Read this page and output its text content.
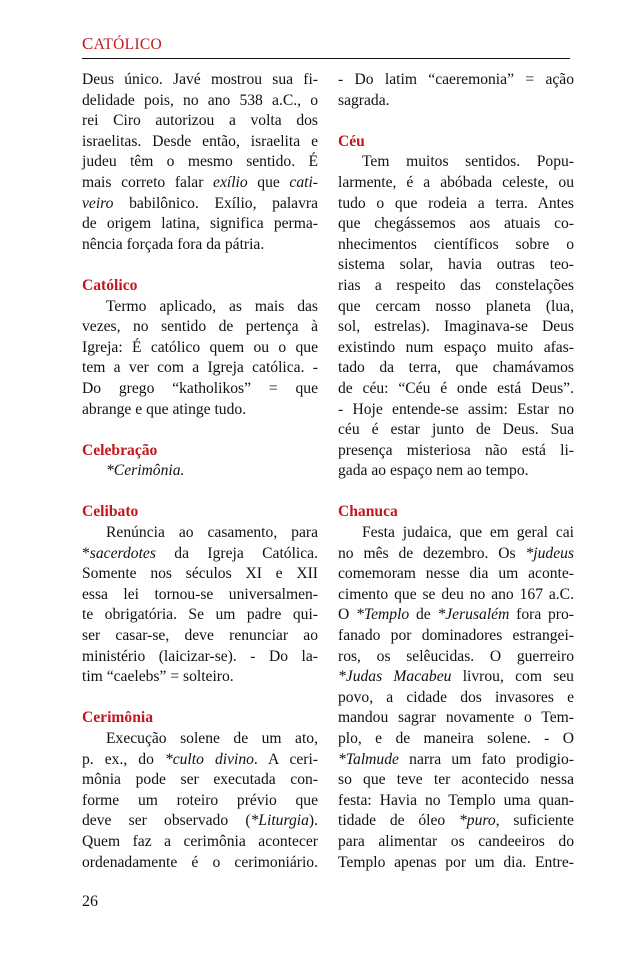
CATÓLICO
Deus único. Javé mostrou sua fi-
delidade pois, no ano 538 a.C., o
rei Ciro autorizou a volta dos
israelitas. Desde então, israelita e
judeu têm o mesmo sentido. É
mais correto falar exílio que cati-
veiro babilônico. Exílio, palavra
de origem latina, significa perma-
nência forçada fora da pátria.
Católico
Termo aplicado, as mais das
vezes, no sentido de pertença à
Igreja: É católico quem ou o que
tem a ver com a Igreja católica. -
Do grego “katholikos” = que
abrange e que atinge tudo.
Celebração
*Cerimônia.
Celibato
Renúncia ao casamento, para
*sacerdotes da Igreja Católica.
Somente nos séculos XI e XII
essa lei tornou-se universalmen-
te obrigatória. Se um padre qui-
ser casar-se, deve renunciar ao
ministério (laicizar-se). - Do la-
tim “caelebs” = solteiro.
Cerimônia
Execução solene de um ato,
p. ex., do *culto divino. A ceri-
mônia pode ser executada con-
forme um roteiro prévio que
deve ser observado (*Liturgia).
Quem faz a cerimônia acontecer
ordenadamente é o cerimoniário.
- Do latim “caeremonia” = ação
sagrada.
Céu
Tem muitos sentidos. Popu-
larmente, é a abóbada celeste, ou
tudo o que rodeia a terra. Antes
que chegássemos aos atuais co-
nhecimentos científicos sobre o
sistema solar, havia outras teo-
rias a respeito das constelações
que cercam nosso planeta (lua,
sol, estrelas). Imaginava-se Deus
existindo num espaço muito afas-
tado da terra, que chamávamos
de céu: “Céu é onde está Deus”.
- Hoje entende-se assim: Estar no
céu é estar junto de Deus. Sua
presença misteriosa não está li-
gada ao espaço nem ao tempo.
Chanuca
Festa judaica, que em geral cai
no mês de dezembro. Os *judeus
comemoram nesse dia um aconte-
cimento que se deu no ano 167 a.C.
O *Templo de *Jerusalém fora pro-
fanado por dominadores estrangei-
ros, os selêucidas. O guerreiro
*Judas Macabeu livrou, com seu
povo, a cidade dos invasores e
mandou sagrar novamente o Tem-
plo, e de maneira solene. - O
*Talmude narra um fato prodigio-
so que teve ter acontecido nessa
festa: Havia no Templo uma quan-
tidade de óleo *puro, suficiente
para alimentar os candeeiros do
Templo apenas por um dia. Entre-
26
